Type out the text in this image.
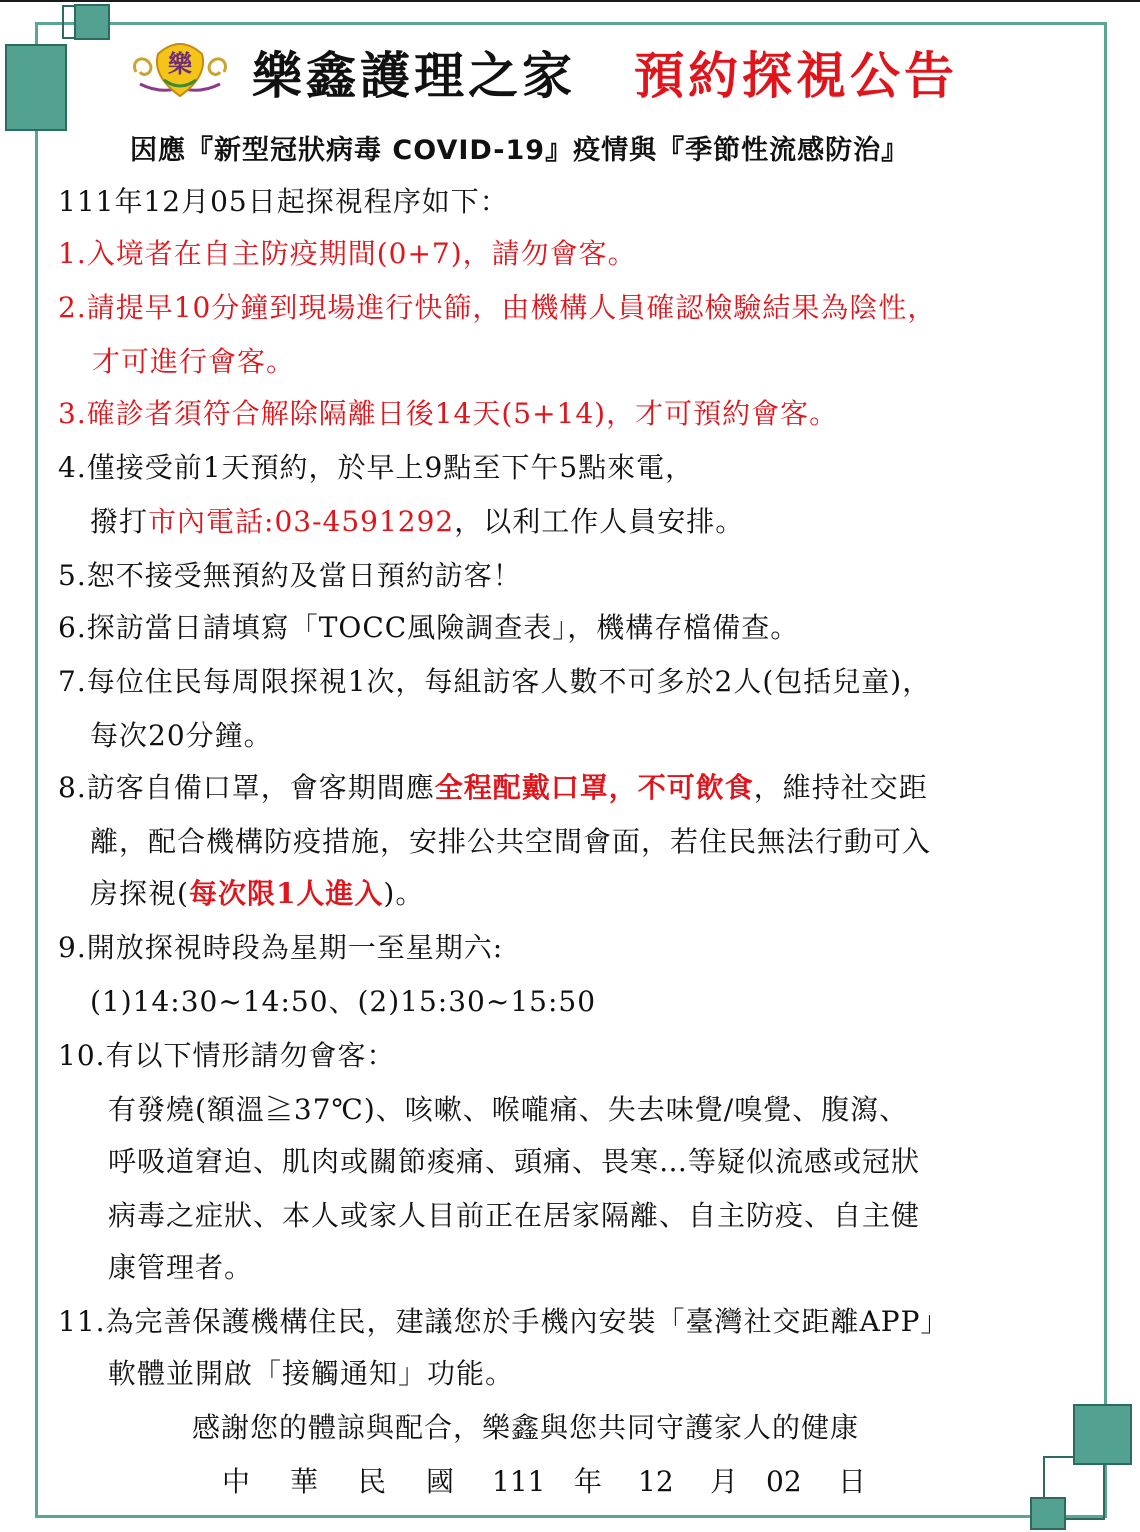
樂 樂鑫護理之家 預約探視公告
因應『新型冠狀病毒 COVID-19』疫情與『季節性流感防治』
111年12月05日起探視程序如下：
1.入境者在自主防疫期間(0+7)，請勿會客。
2.請提早10分鐘到現場進行快篩，由機構人員確認檢驗結果為陰性，
才可進行會客。
3.確診者須符合解除隔離日後14天(5+14)，才可預約會客。
4.僅接受前1天預約，於早上9點至下午5點來電，
撥打市內電話:03-4591292，以利工作人員安排。
5.恕不接受無預約及當日預約訪客！
6.探訪當日請填寫「TOCC風險調查表」，機構存檔備查。
7.每位住民每周限探視1次，每組訪客人數不可多於2人(包括兒童)，
每次20分鐘。
8.訪客自備口罩，會客期間應全程配戴口罩，不可飲食，維持社交距
離，配合機構防疫措施，安排公共空間會面，若住民無法行動可入
房探視(每次限1人進入)。
9.開放探視時段為星期一至星期六:
(1)14:30~14:50、(2)15:30~15:50
10.有以下情形請勿會客：
有發燒(額溫≧37℃)、咳嗽、喉嚨痛、失去味覺/嗅覺、腹瀉、
呼吸道窘迫、肌肉或關節痠痛、頭痛、畏寒…等疑似流感或冠狀
病毒之症狀、本人或家人目前正在居家隔離、自主防疫、自主健
康管理者。
11.為完善保護機構住民，建議您於手機內安裝「臺灣社交距離APP」
軟體並開啟「接觸通知」功能。
感謝您的體諒與配合，樂鑫與您共同守護家人的健康
中 華 民 國 111 年 12 月 02 日
